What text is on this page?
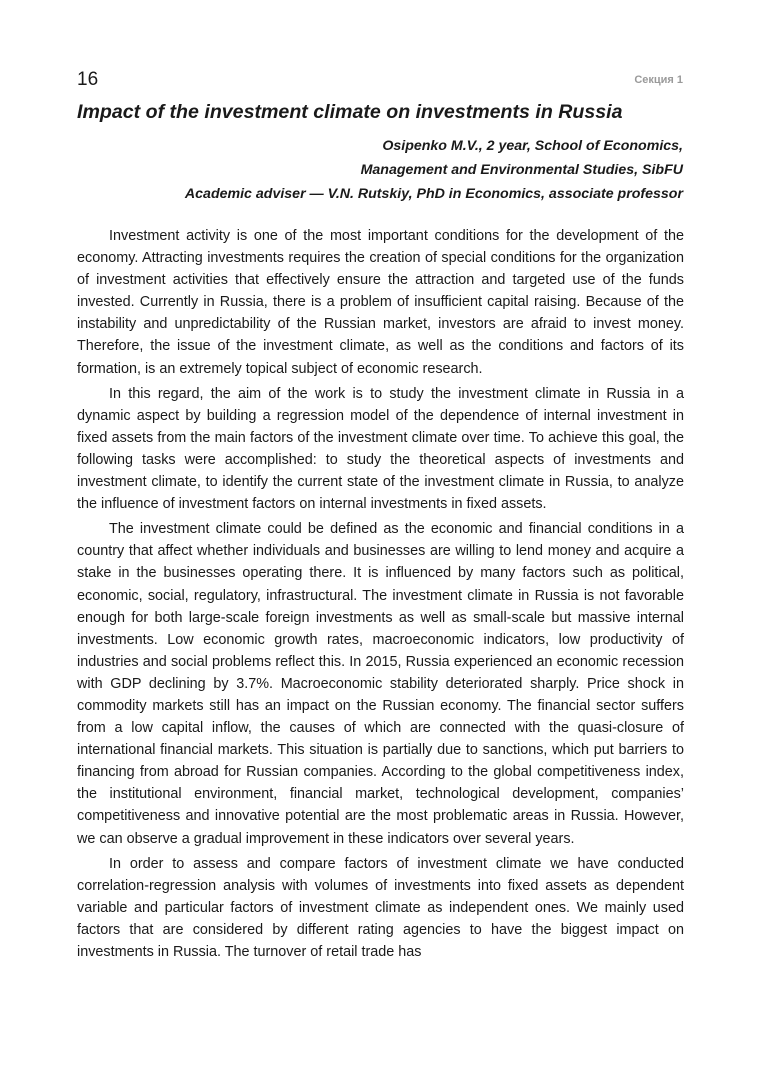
16	Секция 1
Impact of the investment climate on investments in Russia
Osipenko M.V., 2 year, School of Economics,
Management and Environmental Studies, SibFU
Academic adviser — V.N. Rutskiy, PhD in Economics, associate professor

Investment activity is one of the most important conditions for the development of the economy. Attracting investments requires the creation of special conditions for the organization of investment activities that effectively ensure the attraction and targeted use of the funds invested. Currently in Russia, there is a problem of insufficient capital raising. Because of the instability and unpredictability of the Russian market, investors are afraid to invest money. Therefore, the issue of the investment climate, as well as the conditions and factors of its formation, is an extremely topical subject of economic research.

In this regard, the aim of the work is to study the investment climate in Russia in a dynamic aspect by building a regression model of the dependence of internal investment in fixed assets from the main factors of the investment climate over time. To achieve this goal, the following tasks were accomplished: to study the theoretical aspects of investments and investment climate, to identify the current state of the investment climate in Russia, to analyze the influence of investment factors on internal investments in fixed assets.

The investment climate could be defined as the economic and financial conditions in a country that affect whether individuals and businesses are willing to lend money and acquire a stake in the businesses operating there. It is influenced by many factors such as political, economic, social, regulatory, infrastructural. The investment climate in Russia is not favorable enough for both large-scale foreign investments as well as small-scale but massive internal investments. Low economic growth rates, macroeconomic indicators, low productivity of industries and social problems reflect this. In 2015, Russia experienced an economic recession with GDP declining by 3.7%. Macroeconomic stability deteriorated sharply. Price shock in commodity markets still has an impact on the Russian economy. The financial sector suffers from a low capital inflow, the causes of which are connected with the quasi-closure of international financial markets. This situation is partially due to sanctions, which put barriers to financing from abroad for Russian companies. According to the global competitiveness index, the institutional environment, financial market, technological development, companies’ competitiveness and innovative potential are the most problematic areas in Russia. However, we can observe a gradual improvement in these indicators over several years.

In order to assess and compare factors of investment climate we have conducted correlation-regression analysis with volumes of investments into fixed assets as dependent variable and particular factors of investment climate as independent ones. We mainly used factors that are considered by different rating agencies to have the biggest impact on investments in Russia. The turnover of retail trade has
